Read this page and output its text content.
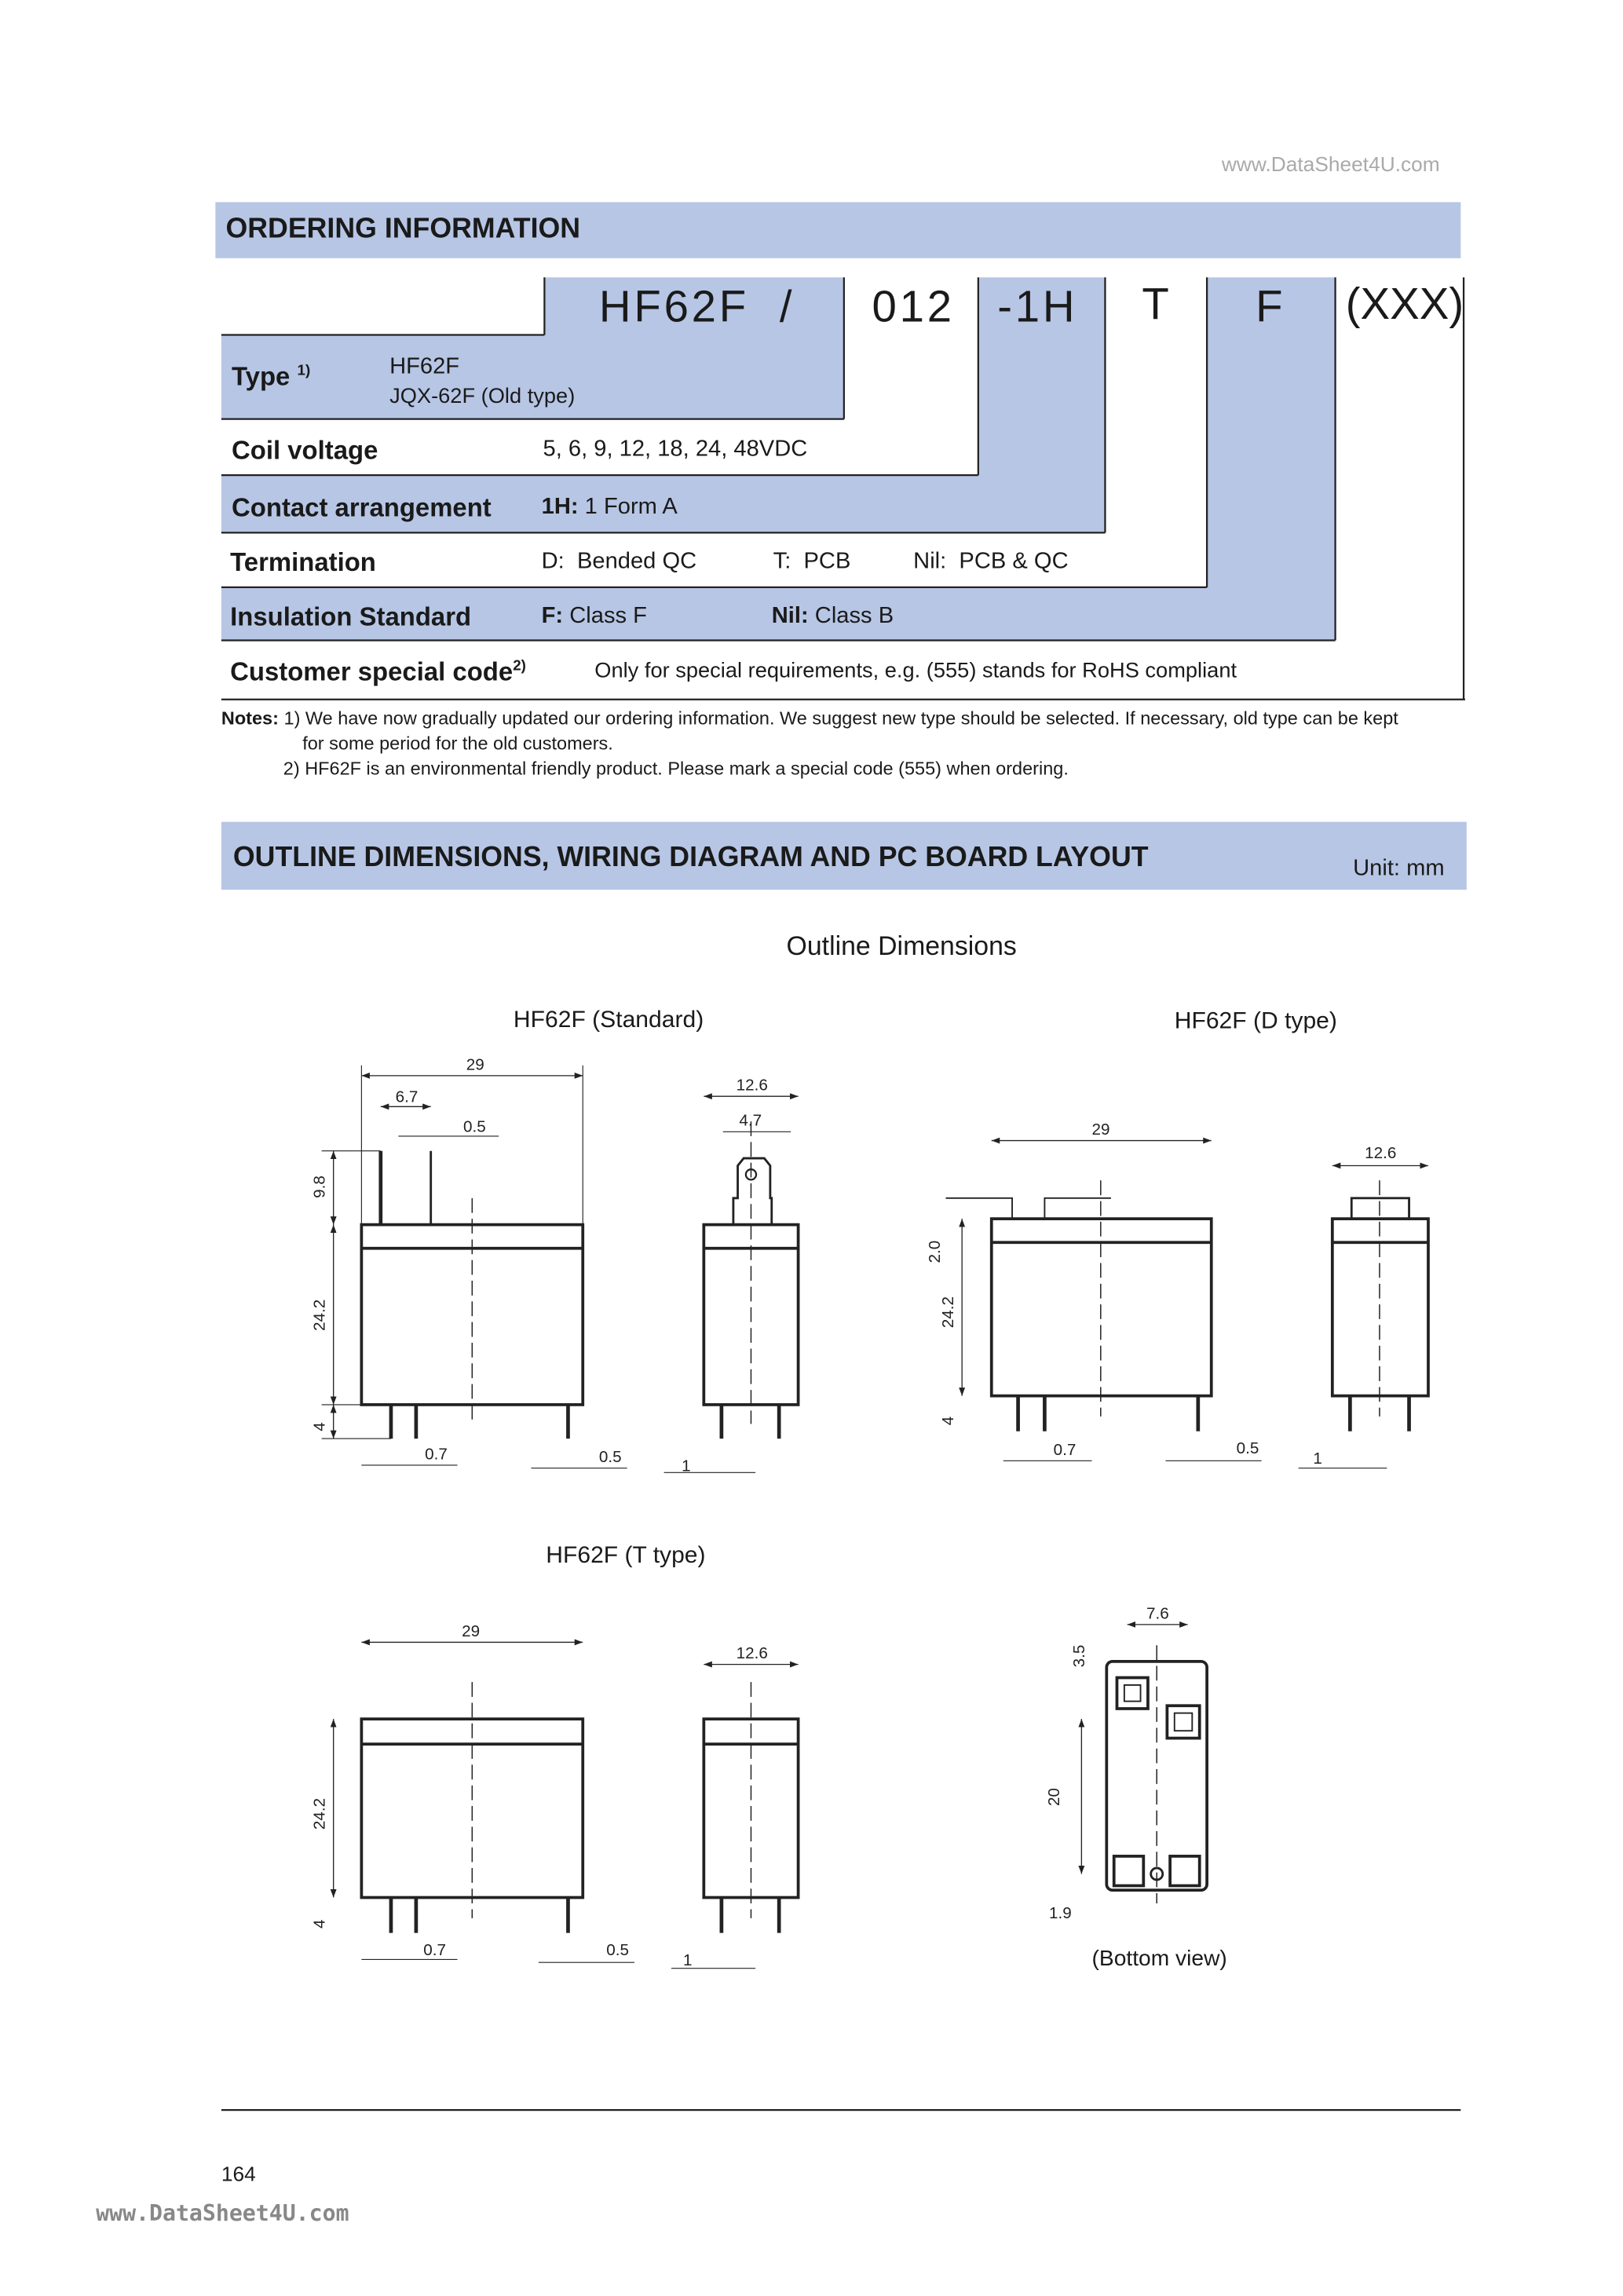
www.DataSheet4U.com
ORDERING INFORMATION
HF62F  /	012 -1H	T	F	(XXX)
Type $^{1)}$	HF62F
JQX-62F (Old type)
Coil voltage	5, 6, 9, 12, 18, 24, 48VDC
Contact arrangement	1H: 1 Form A
Termination	D:  Bended QC	T:  PCB	Nil:  PCB & QC
Insulation Standard	F: Class F	Nil: Class B
Customer special code$^{2)}$	Only for special requirements, e.g. (555) stands for RoHS compliant
Notes: 1) We have now gradually updated our ordering information. We suggest new type should be selected. If necessary, old type can be kept
for some period for the old customers.
2) HF62F is an environmental friendly product. Please mark a special code (555) when ordering.
OUTLINE DIMENSIONS, WIRING DIAGRAM AND PC BOARD LAYOUT	Unit: mm
Outline Dimensions
HF62F (Standard)	HF62F (D type)
HF62F (T type)
(Bottom view)
29
6.7
0.5
9.8
24.2
4
0.7	0.5
12.6
4.7
1
29
2.0
24.2
4
0.7	0.5
12.6
1
29
24.2
4
0.7	0.5
12.6
1
7.6
3.5
20
1.9
164
www.DataSheet4U.com
